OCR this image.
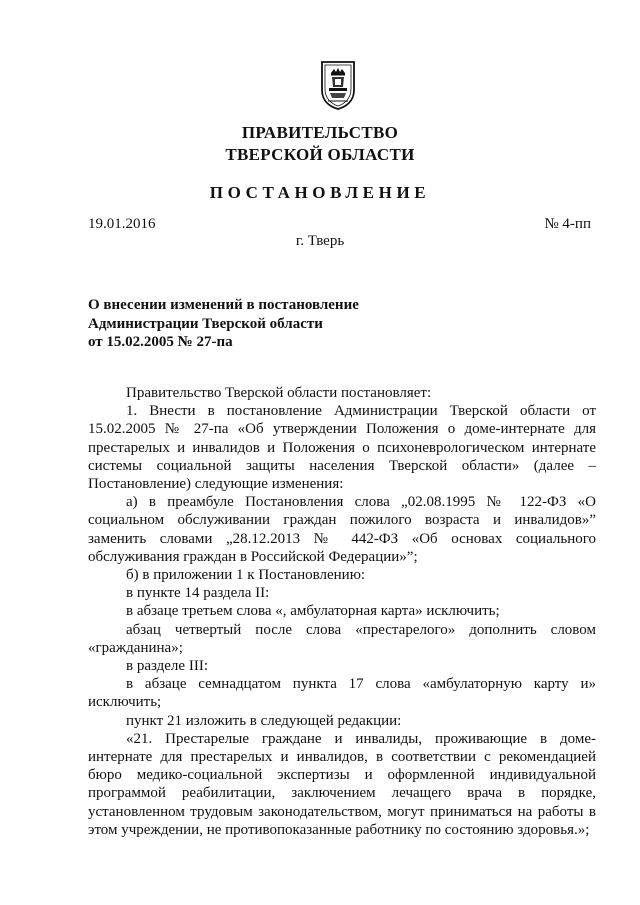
ПРАВИТЕЛЬСТВО
ТВЕРСКОЙ ОБЛАСТИ
ПОСТАНОВЛЕНИЕ
19.01.2016	№ 4-пп
г. Тверь
О внесении изменений в постановление
Администрации Тверской области
от 15.02.2005 № 27-па

Правительство Тверской области постановляет:

1. Внести в постановление Администрации Тверской области от 15.02.2005 № 27-па «Об утверждении Положения о доме-интернате для престарелых и инвалидов и Положения о психоневрологическом интернате системы социальной защиты населения Тверской области» (далее – Постановление) следующие изменения:

а) в преамбуле Постановления слова „02.08.1995 № 122-ФЗ «О социальном обслуживании граждан пожилого возраста и инвалидов»” заменить словами „28.12.2013 № 442-ФЗ «Об основах социального обслуживания граждан в Российской Федерации»”;

б) в приложении 1 к Постановлению:

в пункте 14 раздела II:

в абзаце третьем слова «, амбулаторная карта» исключить;

абзац четвертый после слова «престарелого» дополнить словом «гражданина»;

в разделе III:

в абзаце семнадцатом пункта 17 слова «амбулаторную карту и» исключить;

пункт 21 изложить в следующей редакции:

«21. Престарелые граждане и инвалиды, проживающие в доме-интернате для престарелых и инвалидов, в соответствии с рекомендацией бюро медико-социальной экспертизы и оформленной индивидуальной программой реабилитации, заключением лечащего врача в порядке, установленном трудовым законодательством, могут приниматься на работы в этом учреждении, не противопоказанные работнику по состоянию здоровья.»;
